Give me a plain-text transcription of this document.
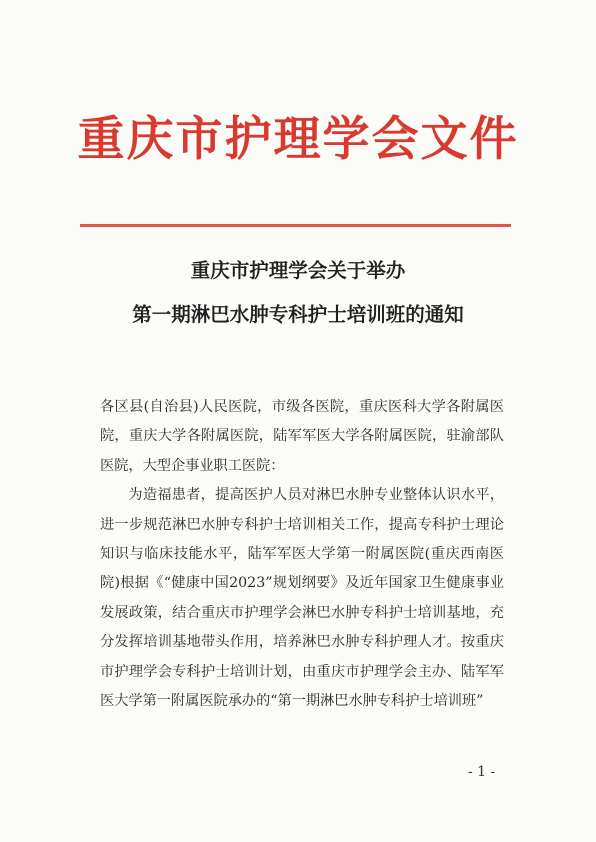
重庆市护理学会文件
重庆市护理学会关于举办
第一期淋巴水肿专科护士培训班的通知

各区县(自治县)人民医院，市级各医院，重庆医科大学各附属医院，重庆大学各附属医院，陆军军医大学各附属医院，驻渝部队医院，大型企事业职工医院：

为造福患者，提高医护人员对淋巴水肿专业整体认识水平，进一步规范淋巴水肿专科护士培训相关工作，提高专科护士理论知识与临床技能水平，陆军军医大学第一附属医院(重庆西南医院)根据《“健康中国2023”规划纲要》及近年国家卫生健康事业发展政策，结合重庆市护理学会淋巴水肿专科护士培训基地，充分发挥培训基地带头作用，培养淋巴水肿专科护理人才。按重庆市护理学会专科护士培训计划，由重庆市护理学会主办、陆军军医大学第一附属医院承办的“第一期淋巴水肿专科护士培训班”

- 1 -
